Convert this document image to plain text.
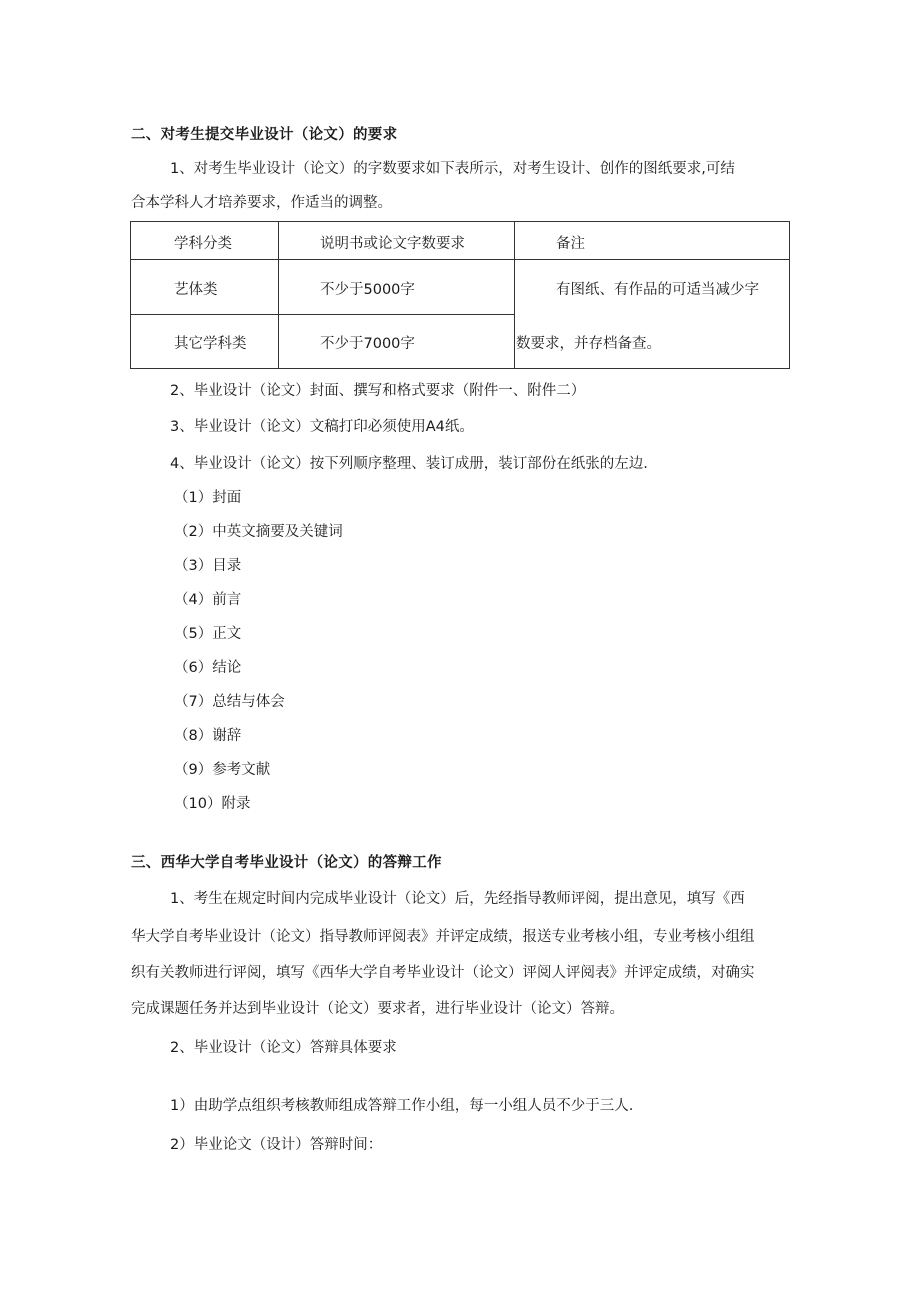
二、对考生提交毕业设计（论文）的要求
1、对考生毕业设计（论文）的字数要求如下表所示，对考生设计、创作的图纸要求,可结
合本学科人才培养要求，作适当的调整。
学科分类	说明书或论文字数要求	备注
艺体类	不少于5000字
其它学科类	不少于7000字
有图纸、有作品的可适当减少字
数要求，并存档备查。
2、毕业设计（论文）封面、撰写和格式要求（附件一、附件二）
3、毕业设计（论文）文稿打印必须使用A4纸。
4、毕业设计（论文）按下列顺序整理、装订成册，装订部份在纸张的左边.
（1）封面
（2）中英文摘要及关键词
（3）目录
（4）前言
（5）正文
（6）结论
（7）总结与体会
（8）谢辞
（9）参考文献
（10）附录
三、西华大学自考毕业设计（论文）的答辩工作
1、考生在规定时间内完成毕业设计（论文）后，先经指导教师评阅，提出意见，填写《西
华大学自考毕业设计（论文）指导教师评阅表》并评定成绩，报送专业考核小组，专业考核小组组
织有关教师进行评阅，填写《西华大学自考毕业设计（论文）评阅人评阅表》并评定成绩，对确实
完成课题任务并达到毕业设计（论文）要求者，进行毕业设计（论文）答辩。
2、毕业设计（论文）答辩具体要求
1）由助学点组织考核教师组成答辩工作小组，每一小组人员不少于三人.
2）毕业论文（设计）答辩时间：
